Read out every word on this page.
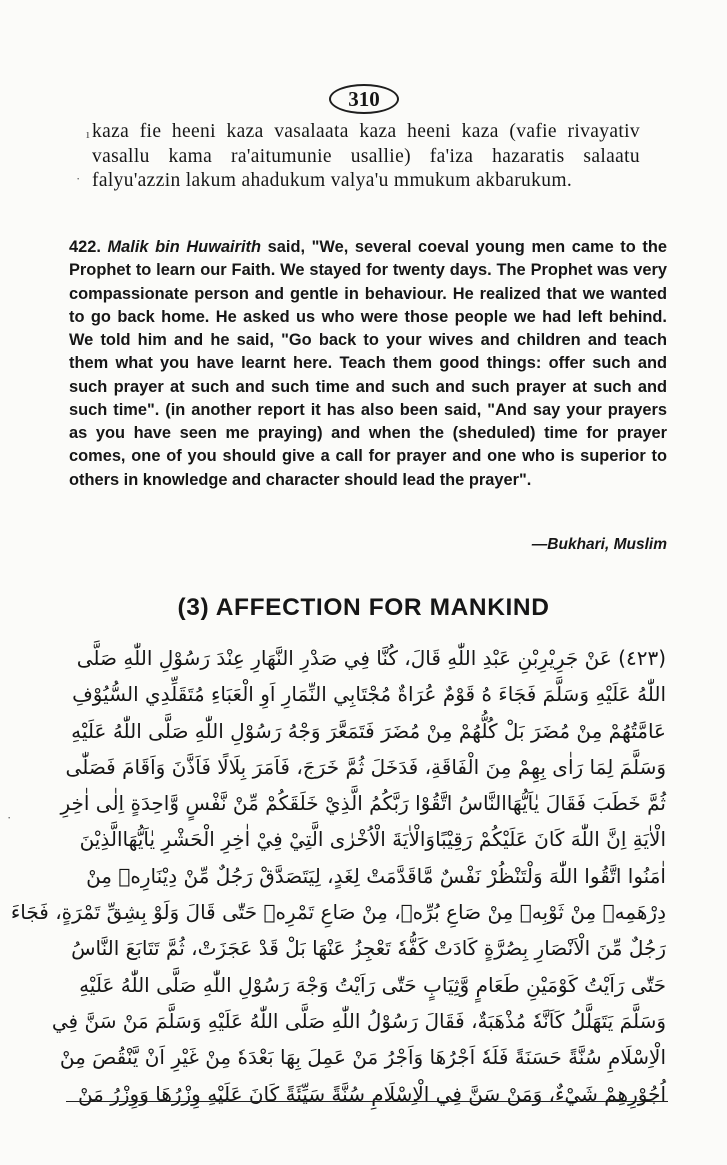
310

kaza fie heeni kaza vasalaata kaza heeni kaza (vafie rivayativ vasallu kama ra'aitumunie usallie) fa'iza hazaratis salaatu falyu'azzin lakum ahadukum valya'u mmukum akbarukum.

422. Malik bin Huwairith said, "We, several coeval young men came to the Prophet to learn our Faith. We stayed for twenty days. The Prophet was very compassionate person and gentle in behaviour. He realized that we wanted to go back home. He asked us who were those people we had left behind. We told him and he said, "Go back to your wives and children and teach them what you have learnt here. Teach them good things: offer such and such prayer at such and such time and such and such prayer at such and such time". (in another report it has also been said, "And say your prayers as you have seen me praying) and when the (sheduled) time for prayer comes, one of you should give a call for prayer and one who is superior to others in knowledge and character should lead the prayer".

—Bukhari, Muslim
(3) AFFECTION FOR MANKIND
(٤٢٣) عَنْ جَرِيْرِبْنِ عَبْدِ اللّٰهِ قَالَ، كُنَّا فِي صَدْرِ النَّهَارِ عِنْدَ رَسُوْلِ اللّٰهِ صَلَّى
اللّٰهُ عَلَيْهِ وَسَلَّمَ فَجَاءَ هُ قَوْمٌ عُرَاةٌ مُجْتَابِي النِّمَارِ اَوِ الْعَبَاءِ مُتَقَلِّدِي السُّيُوْفِ
عَامَّتُهُمْ مِنْ مُضَرَ بَلْ كُلُّهُمْ مِنْ مُضَرَ فَتَمَعَّرَ وَجْهُ رَسُوْلِ اللّٰهِ صَلَّى اللّٰهُ عَلَيْهِ
وَسَلَّمَ لِمَا رَاٰى بِهِمْ مِنَ الْفَاقَةِ، فَدَخَلَ ثُمَّ خَرَجَ، فَاَمَرَ بِلَالًا فَاَذَّنَ وَاَقَامَ فَصَلّٰى
ثُمَّ خَطَبَ فَقَالَ يٰاَيُّهَاالنَّاسُ اتَّقُوْا رَبَّكُمُ الَّذِيْ خَلَقَكُمْ مِّنْ نَّفْسٍ وَّاحِدَةٍ اِلٰى اٰخِرِ
الْاٰيَةِ اِنَّ اللّٰهَ كَانَ عَلَيْكُمْ رَقِيْبًاوَالْاٰيَةَ الْاُخْرٰى الَّتِيْ فِيْ اٰخِرِ الْحَشْرِ يٰاَيُّهَاالَّذِيْنَ
اٰمَنُوا اتَّقُوا اللّٰهَ وَلْتَنْظُرْ نَفْسٌ مَّاقَدَّمَتْ لِغَدٍ، لِيَتَصَدَّقْ رَجُلٌ مِّنْ دِيْنَارِهٖ مِنْ
دِرْهَمِهٖ مِنْ ثَوْبِهٖ مِنْ صَاعِ بُرِّهٖ، مِنْ صَاعِ تَمْرِهٖ حَتّٰى قَالَ وَلَوْ بِشِقِّ تَمْرَةٍ، فَجَاءَ
رَجُلٌ مِّنَ الْاَنْصَارِ بِصُرَّةٍ كَادَتْ كَفُّهٗ تَعْجِزُ عَنْهَا بَلْ قَدْ عَجَزَتْ، ثُمَّ تَتَابَعَ النَّاسُ
حَتّٰى رَاَيْتُ كَوْمَيْنِ طَعَامٍ وَّثِيَابٍ حَتّٰى رَاَيْتُ وَجْهَ رَسُوْلِ اللّٰهِ صَلَّى اللّٰهُ عَلَيْهِ
وَسَلَّمَ يَتَهَلَّلُ كَاَنَّهٗ مُذْهَبَةٌ، فَقَالَ رَسُوْلُ اللّٰهِ صَلَّى اللّٰهُ عَلَيْهِ وَسَلَّمَ مَنْ سَنَّ فِي
الْاِسْلَامِ سُنَّةً حَسَنَةً فَلَهٗ اَجْرُهَا وَاَجْرُ مَنْ عَمِلَ بِهَا بَعْدَهٗ مِنْ غَيْرِ اَنْ يَّنْقُصَ مِنْ
اُجُوْرِهِمْ شَيْءٌ، وَمَنْ سَنَّ فِي الْاِسْلَامِ سُنَّةً سَيِّئَةً كَانَ عَلَيْهِ وِزْرُهَا وَوِزْرُ مَنْ
ı
·
·
